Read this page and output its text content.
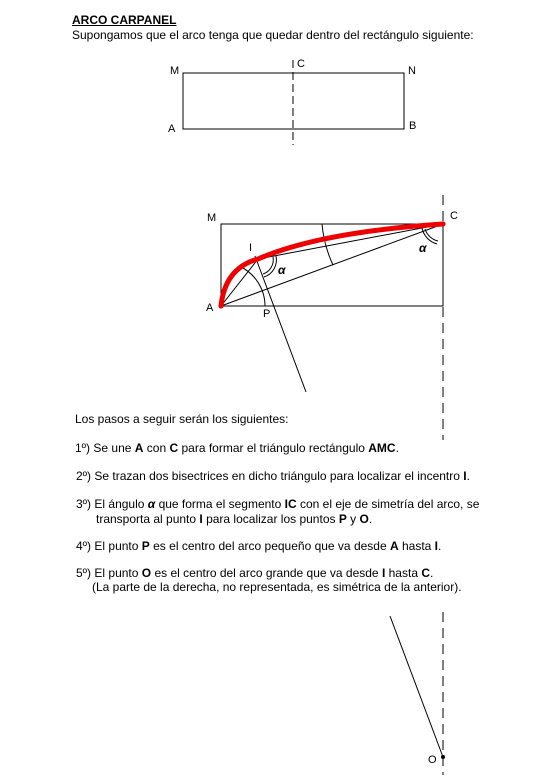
ARCO CARPANEL
Supongamos que el arco tenga que quedar dentro del rectángulo siguiente:
M
C
N
A	B
M	C
I
A	P
α
α
Los pasos a seguir serán los siguientes:
1º) Se une A con C para formar el triángulo rectángulo AMC.
2º) Se trazan dos bisectrices en dicho triángulo para localizar el incentro I.
3º) El ángulo α que forma el segmento IC con el eje de simetría del arco, se
transporta al punto I para localizar los puntos P y O.
4º) El punto P es el centro del arco pequeño que va desde A hasta I.
5º) El punto O es el centro del arco grande que va desde I hasta C.
(La parte de la derecha, no representada, es simétrica de la anterior).
O
